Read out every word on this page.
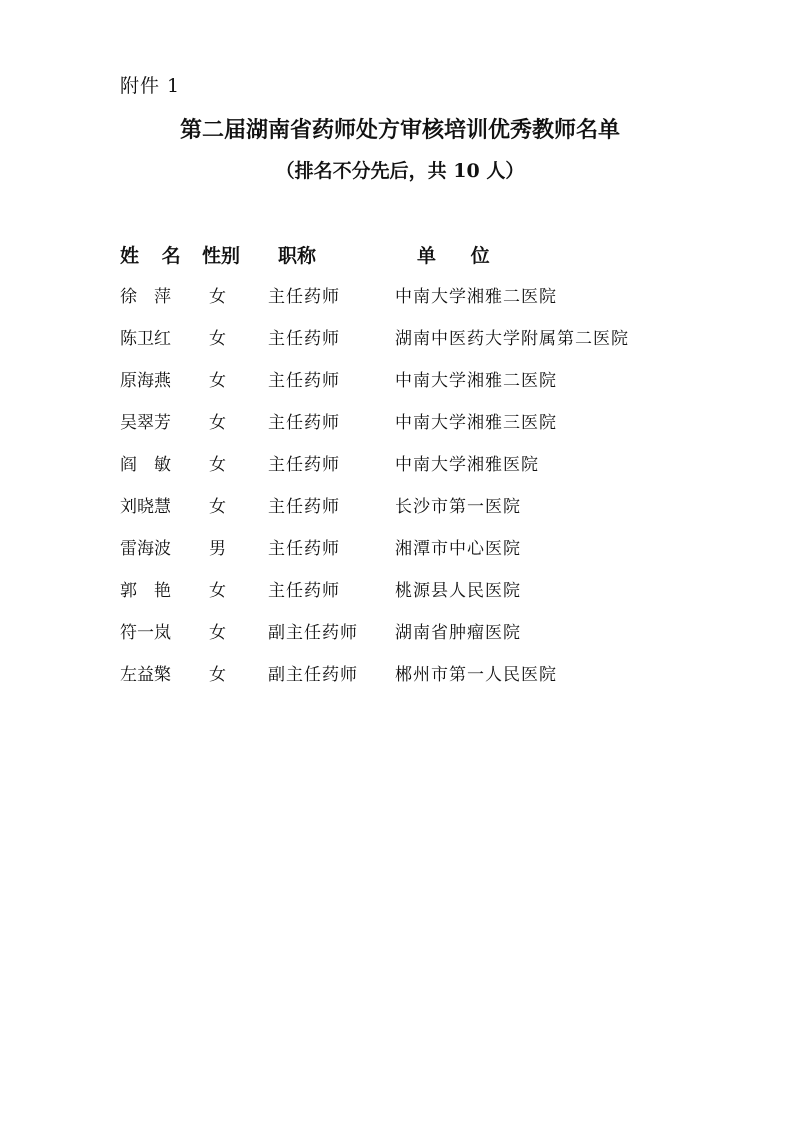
附件 1
第二届湖南省药师处方审核培训优秀教师名单
（排名不分先后，共 10 人）
姓 名 性别 职称	单 位
徐　萍 女 主任药师	中南大学湘雅二医院
陈卫红 女 主任药师	湖南中医药大学附属第二医院
原海燕 女 主任药师	中南大学湘雅二医院
吴翠芳 女 主任药师	中南大学湘雅三医院
阎　敏 女 主任药师	中南大学湘雅医院
刘晓慧 女 主任药师	长沙市第一医院
雷海波 男 主任药师	湘潭市中心医院
郭　艳 女 主任药师	桃源县人民医院
符一岚 女 副主任药师 湖南省肿瘤医院
左益檠 女 副主任药师 郴州市第一人民医院
